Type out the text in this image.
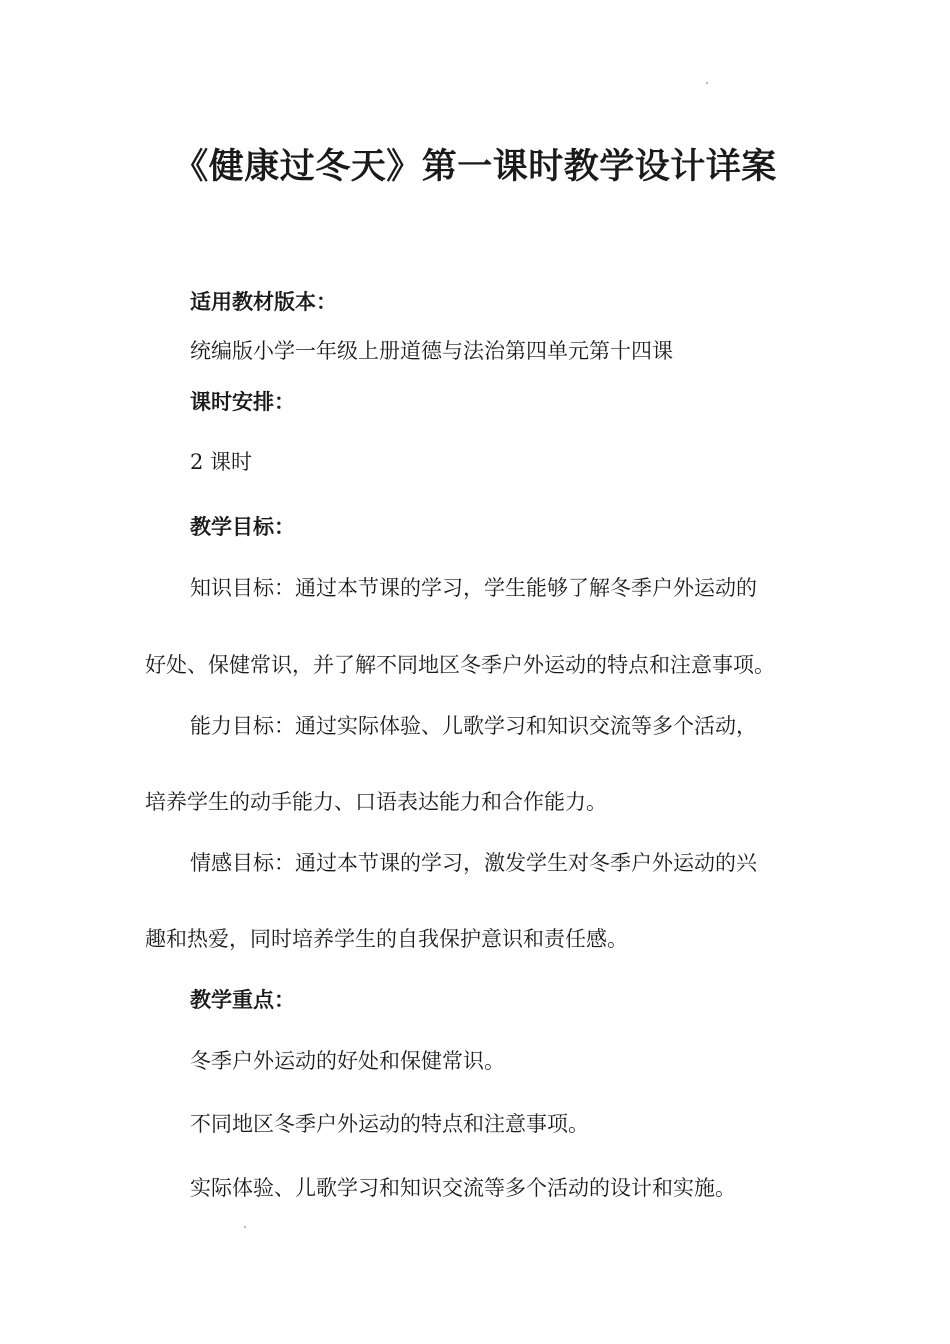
《健康过冬天》第一课时教学设计详案
适用教材版本：
统编版小学一年级上册道德与法治第四单元第十四课
课时安排：
2 课时
教学目标：
知识目标：通过本节课的学习，学生能够了解冬季户外运动的
好处、保健常识，并了解不同地区冬季户外运动的特点和注意事项。
能力目标：通过实际体验、儿歌学习和知识交流等多个活动，
培养学生的动手能力、口语表达能力和合作能力。
情感目标：通过本节课的学习，激发学生对冬季户外运动的兴
趣和热爱，同时培养学生的自我保护意识和责任感。
教学重点：
冬季户外运动的好处和保健常识。
不同地区冬季户外运动的特点和注意事项。
实际体验、儿歌学习和知识交流等多个活动的设计和实施。
